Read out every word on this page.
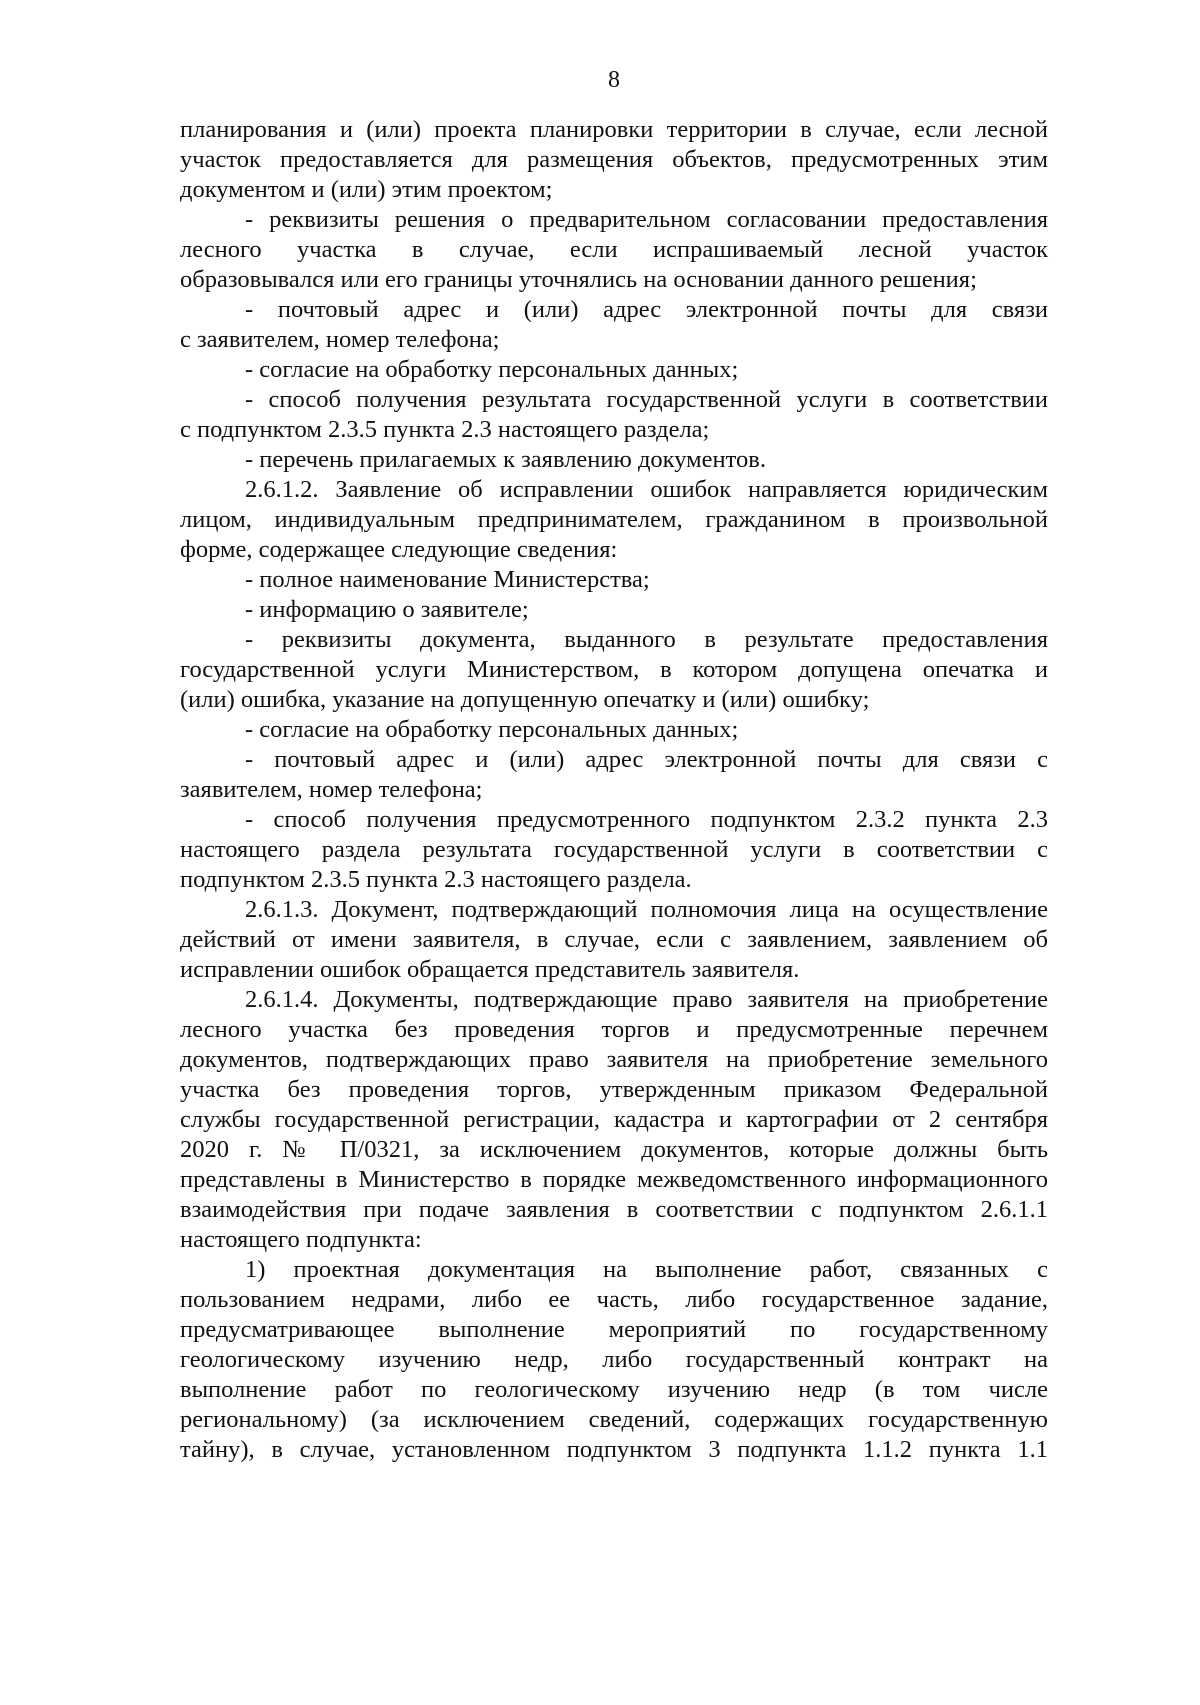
8
планирования и (или) проекта планировки территории в случае, если лесной
участок предоставляется для размещения объектов, предусмотренных этим
документом и (или) этим проектом;
- реквизиты решения о предварительном согласовании предоставления
лесного участка в случае, если испрашиваемый лесной участок
образовывался или его границы уточнялись на основании данного решения;
- почтовый адрес и (или) адрес электронной почты для связи
с заявителем, номер телефона;
- согласие на обработку персональных данных;
- способ получения результата государственной услуги в соответствии
с подпунктом 2.3.5 пункта 2.3 настоящего раздела;
- перечень прилагаемых к заявлению документов.
2.6.1.2. Заявление об исправлении ошибок направляется юридическим
лицом, индивидуальным предпринимателем, гражданином в произвольной
форме, содержащее следующие сведения:
- полное наименование Министерства;
- информацию о заявителе;
- реквизиты документа, выданного в результате предоставления
государственной услуги Министерством, в котором допущена опечатка и
(или) ошибка, указание на допущенную опечатку и (или) ошибку;
- согласие на обработку персональных данных;
- почтовый адрес и (или) адрес электронной почты для связи с
заявителем, номер телефона;
- способ получения предусмотренного подпунктом 2.3.2 пункта 2.3
настоящего раздела результата государственной услуги в соответствии с
подпунктом 2.3.5 пункта 2.3 настоящего раздела.
2.6.1.3. Документ, подтверждающий полномочия лица на осуществление
действий от имени заявителя, в случае, если с заявлением, заявлением об
исправлении ошибок обращается представитель заявителя.
2.6.1.4. Документы, подтверждающие право заявителя на приобретение
лесного участка без проведения торгов и предусмотренные перечнем
документов, подтверждающих право заявителя на приобретение земельного
участка без проведения торгов, утвержденным приказом Федеральной
службы государственной регистрации, кадастра и картографии от 2 сентября
2020 г. № П/0321, за исключением документов, которые должны быть
представлены в Министерство в порядке межведомственного информационного
взаимодействия при подаче заявления в соответствии с подпунктом 2.6.1.1
настоящего подпункта:
1) проектная документация на выполнение работ, связанных с
пользованием недрами, либо ее часть, либо государственное задание,
предусматривающее выполнение мероприятий по государственному
геологическому изучению недр, либо государственный контракт на
выполнение работ по геологическому изучению недр (в том числе
региональному) (за исключением сведений, содержащих государственную
тайну), в случае, установленном подпунктом 3 подпункта 1.1.2 пункта 1.1
